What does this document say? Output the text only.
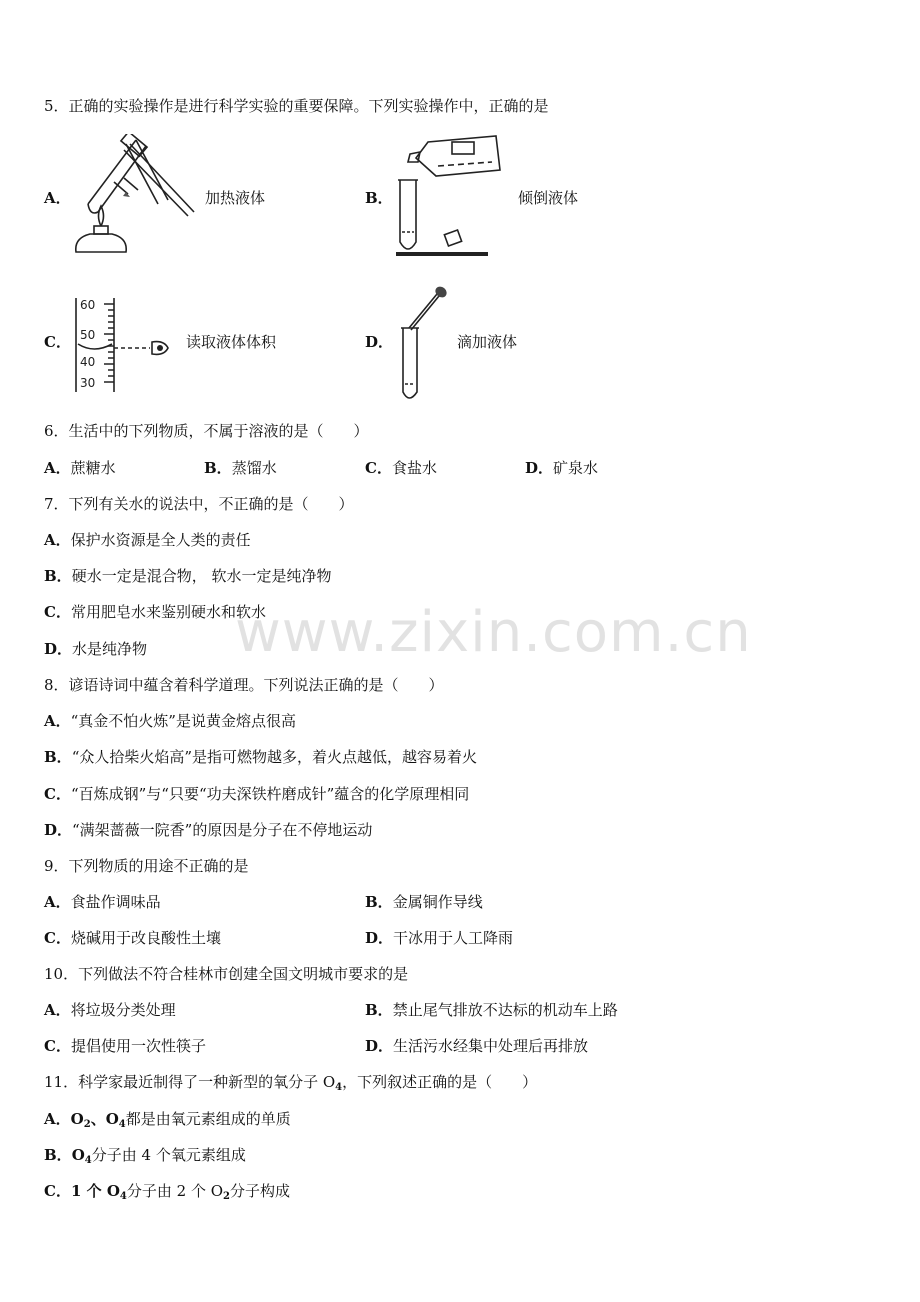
5．正确的实验操作是进行科学实验的重要保障。下列实验操作中，正确的是
A．	加热液体	B．	倾倒液体
C．
60
50
40
30
读取液体体积	D．	滴加液体
6．生活中的下列物质，不属于溶液的是（　　）
A．蔗糖水	B．蒸馏水	C．食盐水	D．矿泉水
7．下列有关水的说法中，不正确的是（　　）
A．保护水资源是全人类的责任
B．硬水一定是混合物， 软水一定是纯净物
C．常用肥皂水来鉴别硬水和软水
D．水是纯净物
8．谚语诗词中蕴含着科学道理。下列说法正确的是（　　）
A．“真金不怕火炼”是说黄金熔点很高
B．“众人拾柴火焰高”是指可燃物越多，着火点越低，越容易着火
C．“百炼成钢”与“只要“功夫深铁杵磨成针”蕴含的化学原理相同
D．“满架蔷薇一院香”的原因是分子在不停地运动
9．下列物质的用途不正确的是
A．食盐作调味品	B．金属铜作导线
C．烧碱用于改良酸性土壤	D．干冰用于人工降雨
10．下列做法不符合桂林市创建全国文明城市要求的是
A．将垃圾分类处理	B．禁止尾气排放不达标的机动车上路
C．提倡使用一次性筷子	D．生活污水经集中处理后再排放
11．科学家最近制得了一种新型的氧分子 $O_4$，下列叙述正确的是（　　）
A．$O_2$、$O_4$都是由氧元素组成的单质
B．$O_4$分子由 4 个氧元素组成
C．1 个 $O_4$分子由 2 个 $O_2$分子构成
www.zixin.com.cn
